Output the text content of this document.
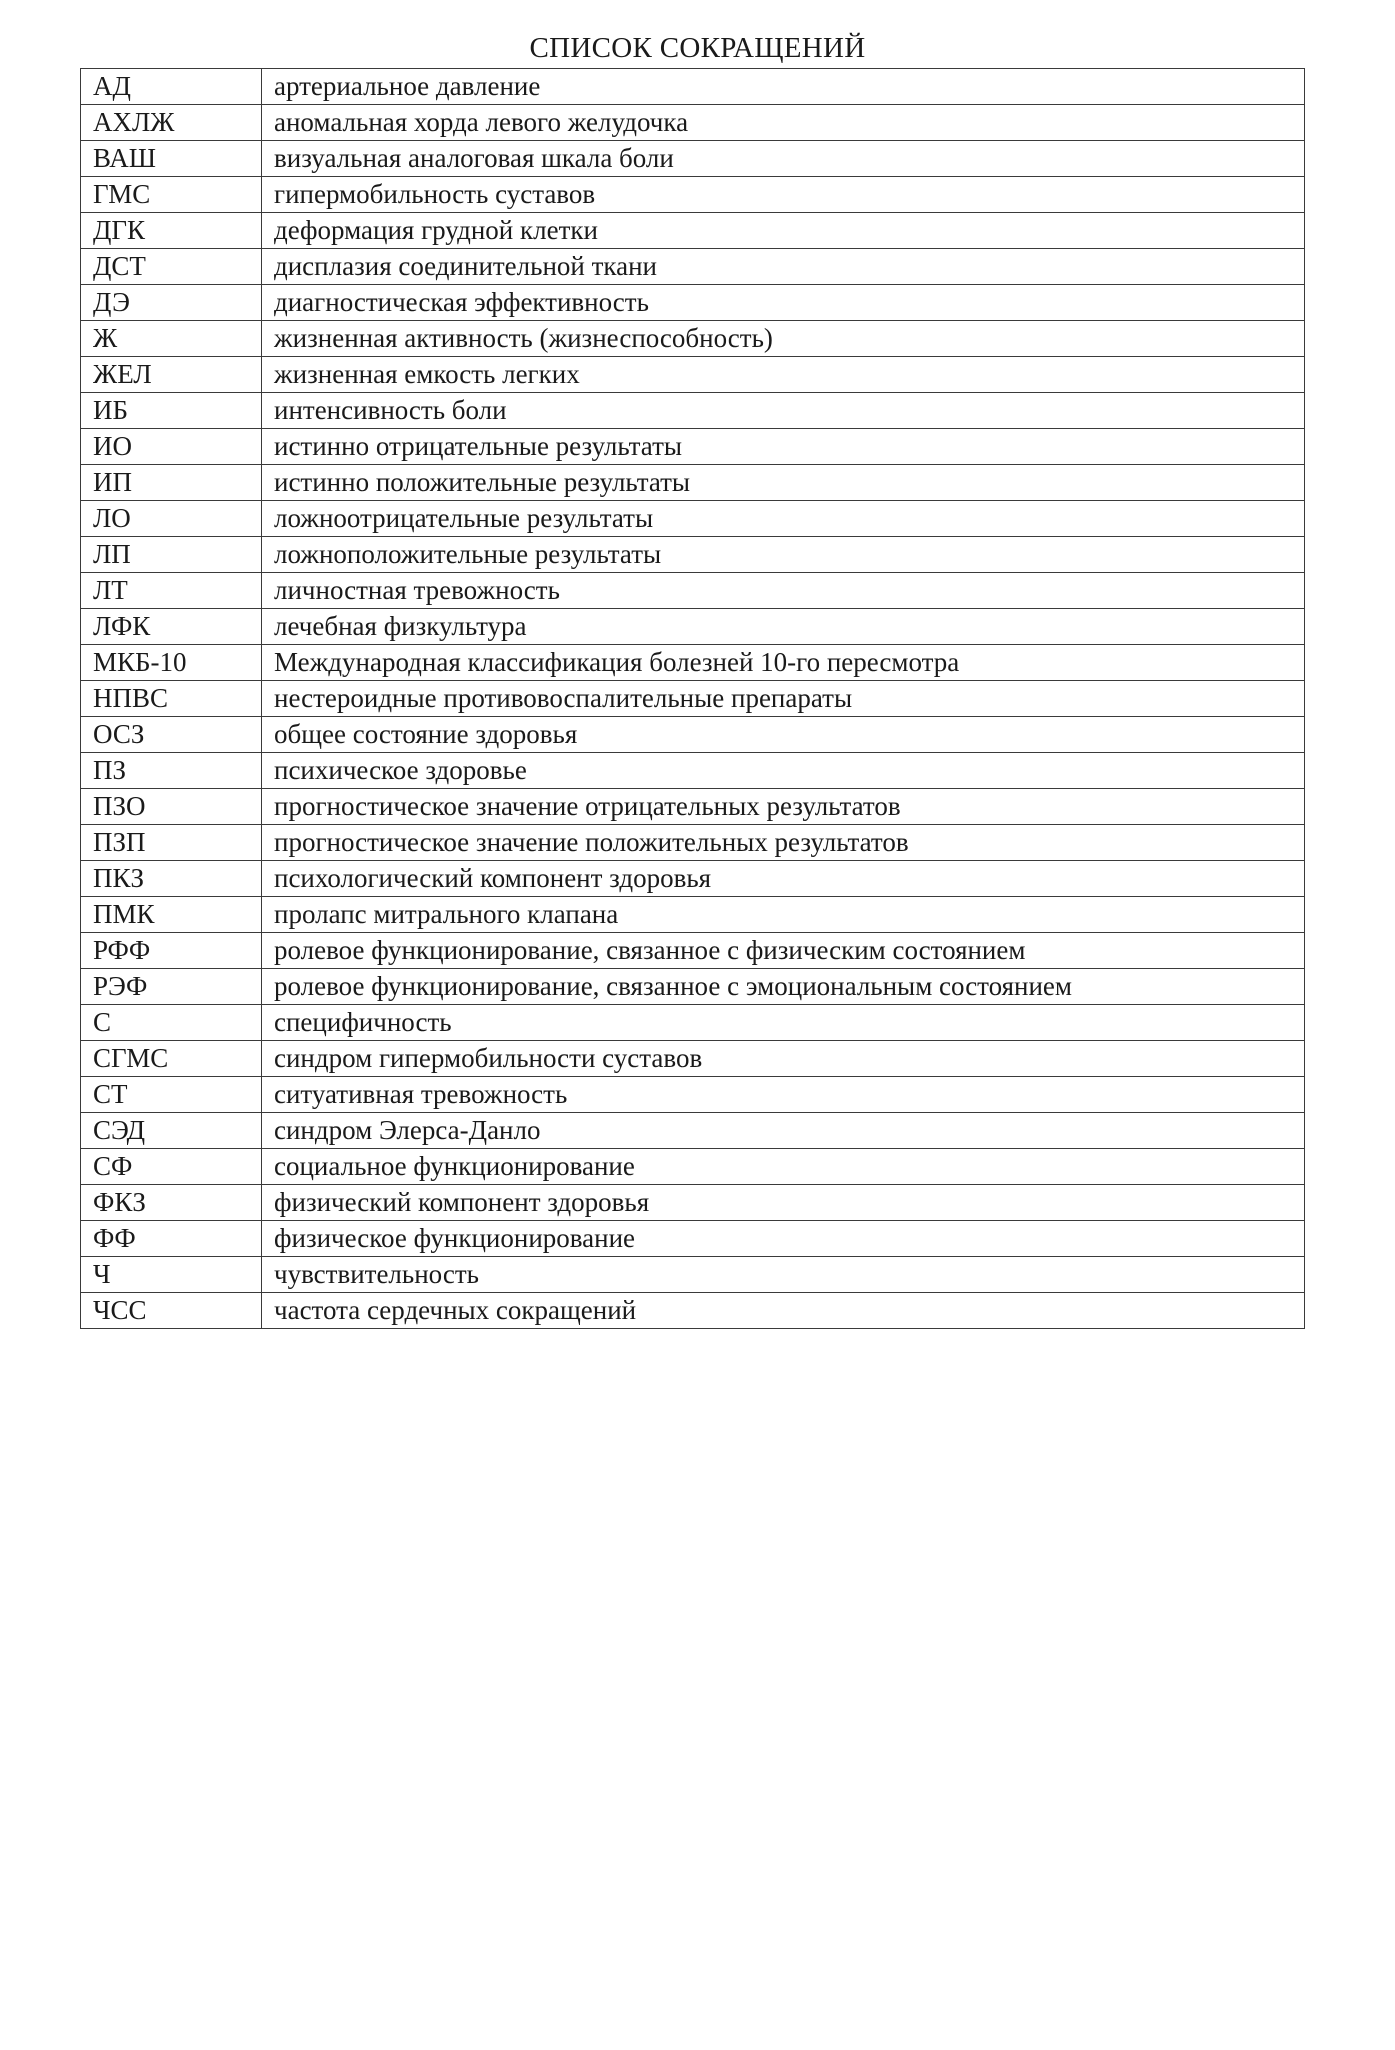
СПИСОК СОКРАЩЕНИЙ
АД	артериальное давление
АХЛЖ	аномальная хорда левого желудочка
ВАШ	визуальная аналоговая шкала боли
ГМС	гипермобильность суставов
ДГК	деформация грудной клетки
ДСТ	дисплазия соединительной ткани
ДЭ	диагностическая эффективность
Ж	жизненная активность (жизнеспособность)
ЖЕЛ	жизненная емкость легких
ИБ	интенсивность боли
ИО	истинно отрицательные результаты
ИП	истинно положительные результаты
ЛО	ложноотрицательные результаты
ЛП	ложноположительные результаты
ЛТ	личностная тревожность
ЛФК	лечебная физкультура
МКБ-10	Международная классификация болезней 10-го пересмотра
НПВС	нестероидные противовоспалительные препараты
ОСЗ	общее состояние здоровья
ПЗ	психическое здоровье
ПЗО	прогностическое значение отрицательных результатов
ПЗП	прогностическое значение положительных результатов
ПКЗ	психологический компонент здоровья
ПМК	пролапс митрального клапана
РФФ	ролевое функционирование, связанное с физическим состоянием
РЭФ	ролевое функционирование, связанное с эмоциональным состоянием
С	специфичность
СГМС	синдром гипермобильности суставов
СТ	ситуативная тревожность
СЭД	синдром Элерса-Данло
СФ	социальное функционирование
ФКЗ	физический компонент здоровья
ФФ	физическое функционирование
Ч	чувствительность
ЧСС	частота сердечных сокращений
